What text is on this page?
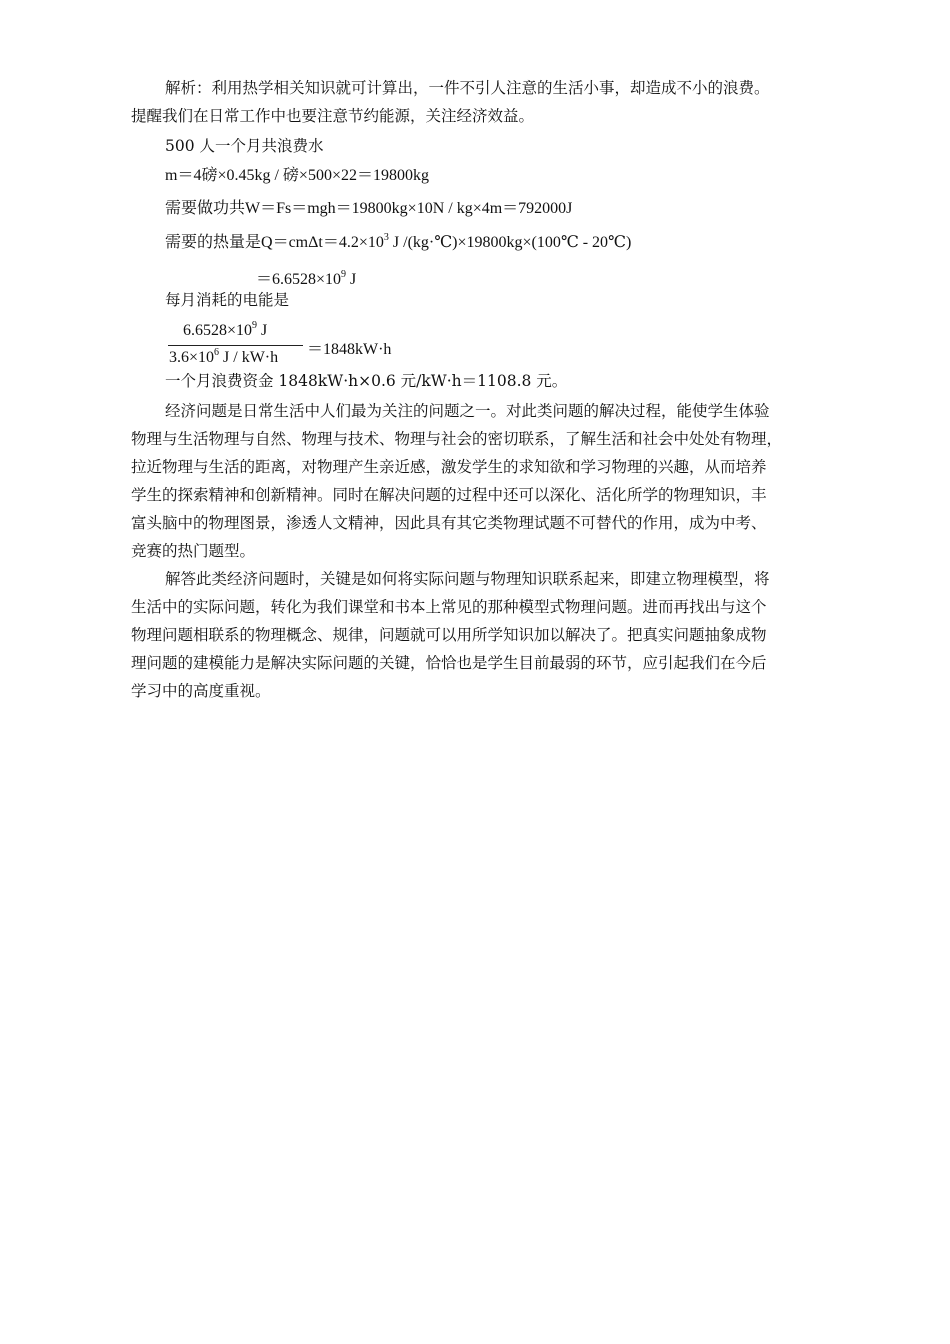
解析：利用热学相关知识就可计算出，一件不引人注意的生活小事，却造成不小的浪费。
提醒我们在日常工作中也要注意节约能源，关注经济效益。
500 人一个月共浪费水
m＝4磅×0.45kg / 磅×500×22＝19800kg
需要做功共W＝Fs＝mgh＝19800kg×10N / kg×4m＝792000J
需要的热量是$Q=cm\Delta t=4.2\times 10^3$ J /(kg·℃)×19800kg×(100℃ - 20℃)
$=6.6528\times 10^9$ J
每月消耗的电能是
$6.6528\times 10^9$ J
$3.6\times 10^6$ J / kW·h ＝1848kW·h
一个月浪费资金 1848kW·h×0.6 元/kW·h＝1108.8 元。
经济问题是日常生活中人们最为关注的问题之一。对此类问题的解决过程，能使学生体验
物理与生活物理与自然、物理与技术、物理与社会的密切联系，了解生活和社会中处处有物理，
拉近物理与生活的距离，对物理产生亲近感，激发学生的求知欲和学习物理的兴趣，从而培养
学生的探索精神和创新精神。同时在解决问题的过程中还可以深化、活化所学的物理知识，丰
富头脑中的物理图景，渗透人文精神，因此具有其它类物理试题不可替代的作用，成为中考、
竞赛的热门题型。
解答此类经济问题时，关键是如何将实际问题与物理知识联系起来，即建立物理模型，将
生活中的实际问题，转化为我们课堂和书本上常见的那种模型式物理问题。进而再找出与这个
物理问题相联系的物理概念、规律，问题就可以用所学知识加以解决了。把真实问题抽象成物
理问题的建模能力是解决实际问题的关键，恰恰也是学生目前最弱的环节，应引起我们在今后
学习中的高度重视。
